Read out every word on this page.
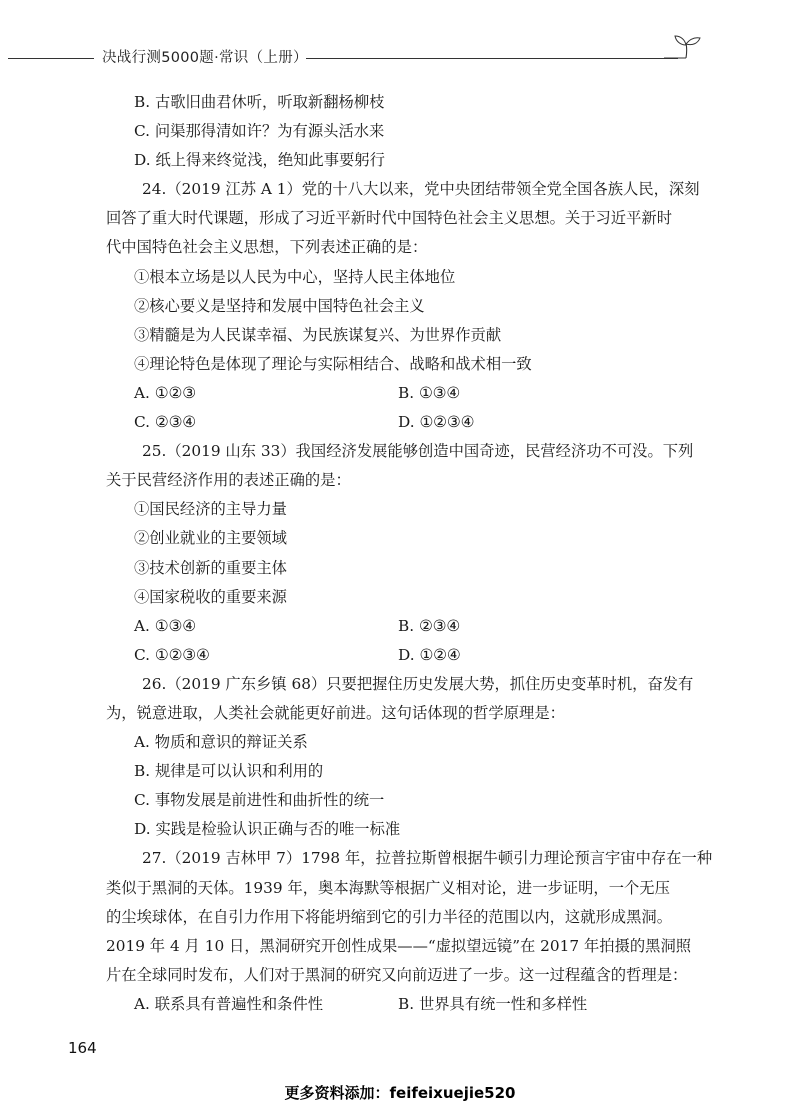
决战行测5000题·常识（上册）
B. 古歌旧曲君休听，听取新翻杨柳枝
C. 问渠那得清如许？为有源头活水来
D. 纸上得来终觉浅，绝知此事要躬行
24.（2019 江苏 A 1）党的十八大以来，党中央团结带领全党全国各族人民，深刻
回答了重大时代课题，形成了习近平新时代中国特色社会主义思想。关于习近平新时
代中国特色社会主义思想，下列表述正确的是：
①根本立场是以人民为中心，坚持人民主体地位
②核心要义是坚持和发展中国特色社会主义
③精髓是为人民谋幸福、为民族谋复兴、为世界作贡献
④理论特色是体现了理论与实际相结合、战略和战术相一致
A. ①②③	B. ①③④
C. ②③④	D. ①②③④
25.（2019 山东 33）我国经济发展能够创造中国奇迹，民营经济功不可没。下列
关于民营经济作用的表述正确的是：
①国民经济的主导力量
②创业就业的主要领域
③技术创新的重要主体
④国家税收的重要来源
A. ①③④	B. ②③④
C. ①②③④	D. ①②④
26.（2019 广东乡镇 68）只要把握住历史发展大势，抓住历史变革时机，奋发有
为，锐意进取，人类社会就能更好前进。这句话体现的哲学原理是：
A. 物质和意识的辩证关系
B. 规律是可以认识和利用的
C. 事物发展是前进性和曲折性的统一
D. 实践是检验认识正确与否的唯一标准
27.（2019 吉林甲 7）1798 年，拉普拉斯曾根据牛顿引力理论预言宇宙中存在一种
类似于黑洞的天体。1939 年，奥本海默等根据广义相对论，进一步证明，一个无压
的尘埃球体，在自引力作用下将能坍缩到它的引力半径的范围以内，这就形成黑洞。
2019 年 4 月 10 日，黑洞研究开创性成果——“虚拟望远镜”在 2017 年拍摄的黑洞照
片在全球同时发布，人们对于黑洞的研究又向前迈进了一步。这一过程蕴含的哲理是：
A. 联系具有普遍性和条件性	B. 世界具有统一性和多样性
164
更多资料添加：feifeixuejie520
